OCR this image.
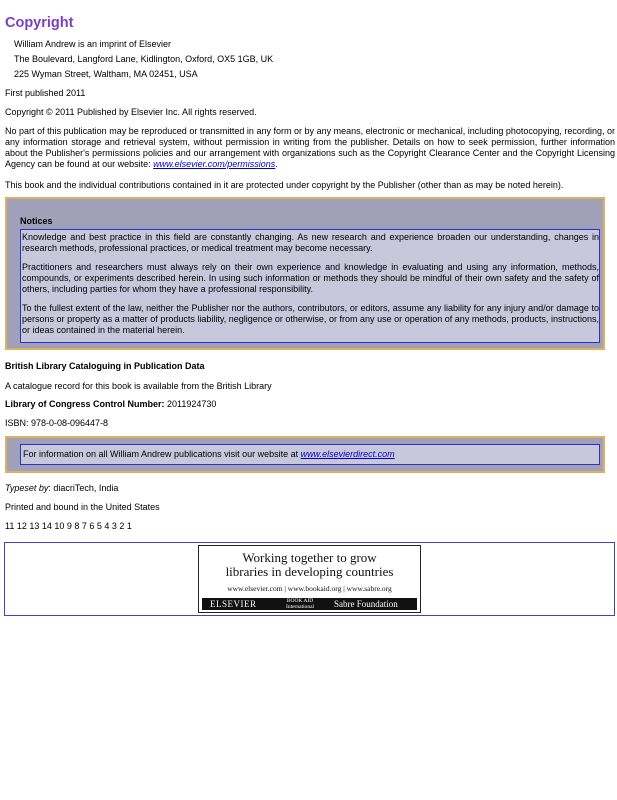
Copyright
William Andrew is an imprint of Elsevier
The Boulevard, Langford Lane, Kidlington, Oxford, OX5 1GB, UK
225 Wyman Street, Waltham, MA 02451, USA

First published 2011

Copyright © 2011 Published by Elsevier Inc. All rights reserved.

No part of this publication may be reproduced or transmitted in any form or by any means, electronic or mechanical, including photocopying, recording, or any information storage and retrieval system, without permission in writing from the publisher. Details on how to seek permission, further information about the Publisher's permissions policies and our arrangement with organizations such as the Copyright Clearance Center and the Copyright Licensing Agency can be found at our website: www.elsevier.com/permissions.

This book and the individual contributions contained in it are protected under copyright by the Publisher (other than as may be noted herein).

Notices

Knowledge and best practice in this field are constantly changing. As new research and experience broaden our understanding, changes in research methods, professional practices, or medical treatment may become necessary.

Practitioners and researchers must always rely on their own experience and knowledge in evaluating and using any information, methods, compounds, or experiments described herein. In using such information or methods they should be mindful of their own safety and the safety of others, including parties for whom they have a professional responsibility.

To the fullest extent of the law, neither the Publisher nor the authors, contributors, or editors, assume any liability for any injury and/or damage to persons or property as a matter of products liability, negligence or otherwise, or from any use or operation of any methods, products, instructions, or ideas contained in the material herein.

British Library Cataloguing in Publication Data

A catalogue record for this book is available from the British Library

Library of Congress Control Number: 2011924730

ISBN: 978-0-08-096447-8

For information on all William Andrew publications visit our website at www.elsevierdirect.com

Typeset by: diacriTech, India

Printed and bound in the United States

11 12 13 14 10 9 8 7 6 5 4 3 2 1

Working together to grow
libraries in developing countries
www.elsevier.com | www.bookaid.org | www.sabre.org
ELSEVIER	BOOK AID
International Sabre Foundation
